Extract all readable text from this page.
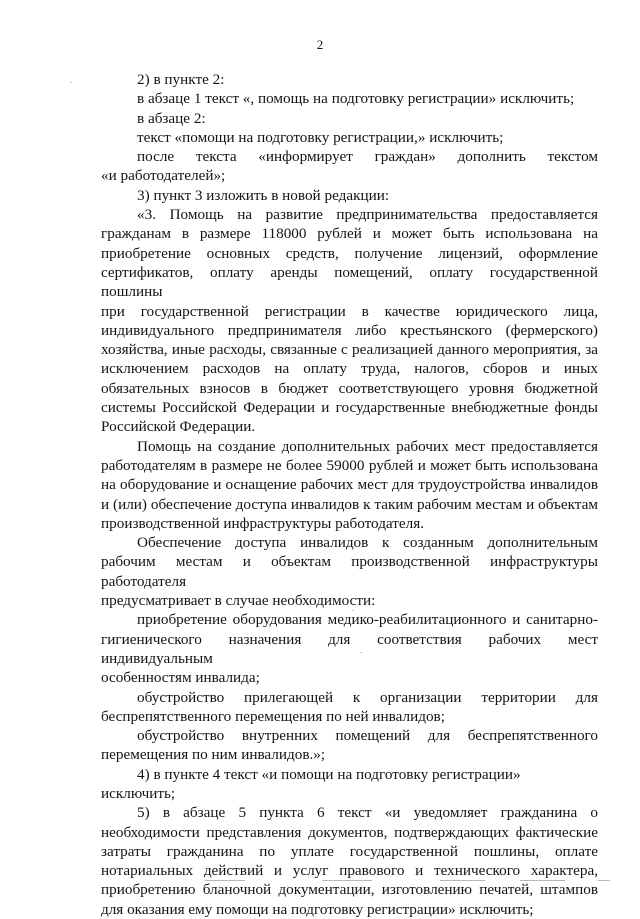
2

2) в пункте 2:

в абзаце 1 текст «, помощь на подготовку регистрации» исключить;

в абзаце 2:

текст «помощи на подготовку регистрации,» исключить;

после текста «информирует граждан» дополнить текстом

«и работодателей»;

3) пункт 3 изложить в новой редакции:

«3. Помощь на развитие предпринимательства предоставляется

гражданам в размере 118000 рублей и может быть использована на

приобретение основных средств, получение лицензий, оформление

сертификатов, оплату аренды помещений, оплату государственной пошлины

при государственной регистрации в качестве юридического лица,

индивидуального предпринимателя либо крестьянского (фермерского)

хозяйства, иные расходы, связанные с реализацией данного мероприятия, за

исключением расходов на оплату труда, налогов, сборов и иных

обязательных взносов в бюджет соответствующего уровня бюджетной

системы Российской Федерации и государственные внебюджетные фонды

Российской Федерации.

Помощь на создание дополнительных рабочих мест предоставляется

работодателям в размере не более 59000 рублей и может быть использована

на оборудование и оснащение рабочих мест для трудоустройства инвалидов

и (или) обеспечение доступа инвалидов к таким рабочим местам и объектам

производственной инфраструктуры работодателя.

Обеспечение доступа инвалидов к созданным дополнительным

рабочим местам и объектам производственной инфраструктуры работодателя

предусматривает в случае необходимости:

приобретение оборудования медико-реабилитационного и санитарно-

гигиенического назначения для соответствия рабочих мест индивидуальным

особенностям инвалида;

обустройство прилегающей к организации территории для

беспрепятственного перемещения по ней инвалидов;

обустройство внутренних помещений для беспрепятственного

перемещения по ним инвалидов.»;

4) в пункте 4 текст «и помощи на подготовку регистрации» исключить;

5) в абзаце 5 пункта 6 текст «и уведомляет гражданина о

необходимости представления документов, подтверждающих фактические

затраты гражданина по уплате государственной пошлины, оплате

нотариальных действий и услуг правового и технического характера,

приобретению бланочной документации, изготовлению печатей, штампов

для оказания ему помощи на подготовку регистрации» исключить;
